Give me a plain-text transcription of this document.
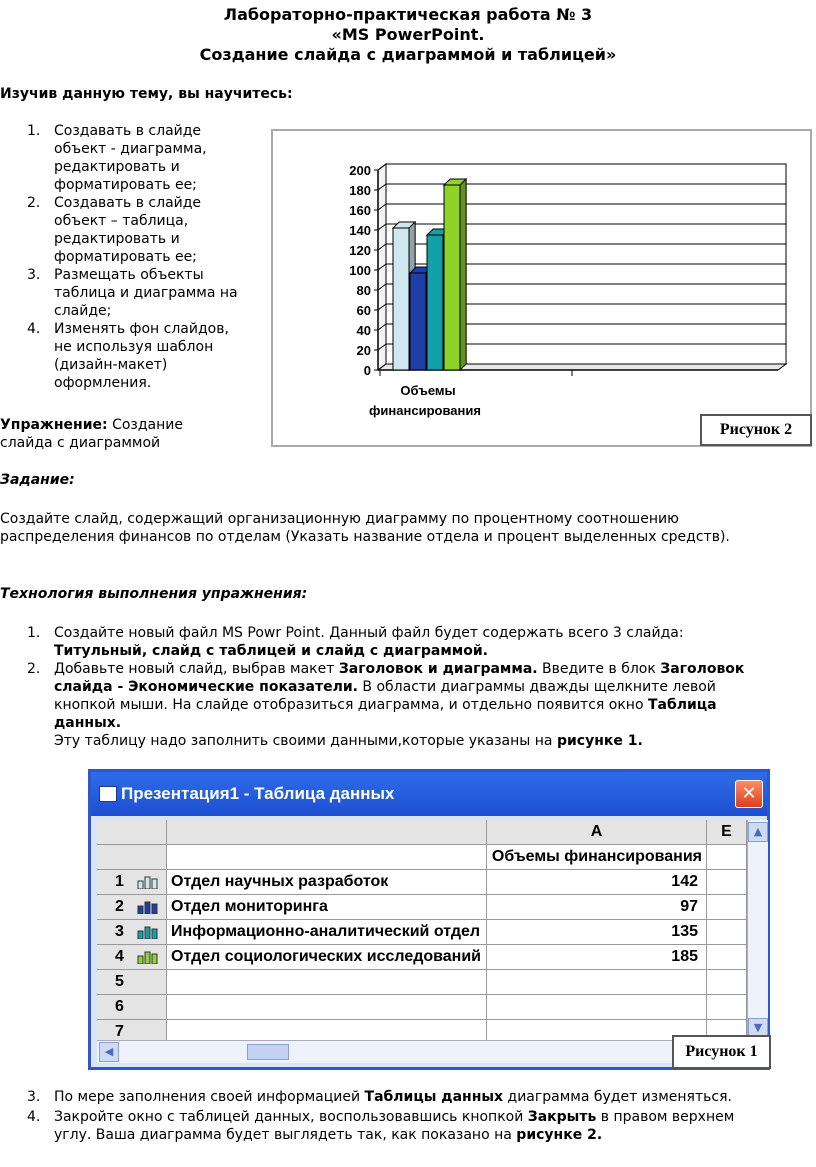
Лабораторно-практическая работа № 3
«MS PowerPoint.
Создание слайда с диаграммой и таблицей»
Изучив данную тему, вы научитесь:
1. Создавать в слайде
объект - диаграмма,
редактировать и
форматировать ее;
2. Создавать в слайде
объект – таблица,
редактировать и
форматировать ее;
3. Размещать объекты
таблица и диаграмма на
слайде;
4. Изменять фон слайдов,
не используя шаблон
(дизайн-макет)
оформления.
Упражнение: Создание
слайда с диаграммой
0
20
40
60
80
100
120
140
160
180
200
Объемы
финансирования
Рисунок 2
Задание:
Создайте слайд, содержащий организационную диаграмму по процентному соотношению
распределения финансов по отделам (Указать название отдела и процент выделенных средств).
Технология выполнения упражнения:
1. Создайте новый файл MS Powr Point. Данный файл будет содержать всего 3 слайда:
Титульный, слайд с таблицей и слайд с диаграммой.
2. Добавьте новый слайд, выбрав макет Заголовок и диаграмма. Введите в блок Заголовок
слайда - Экономические показатели. В области диаграммы дважды щелкните левой
кнопкой мыши. На слайде отобразиться диаграмма, и отдельно появится окно Таблица
данных.
Эту таблицу надо заполнить своими данными,которые указаны на рисунке 1.
Презентация1 - Таблица данных	✕
A	E
Объемы финансирования
1	Отдел научных разработок	142
2	Отдел мониторинга	97
3	Информационно-аналитический отдел	135
4	Отдел социологических исследований	185
5
6
7
▲
▼
◀	Рисунок 1
3. По мере заполнения своей информацией Таблицы данных диаграмма будет изменяться.
4. Закройте окно с таблицей данных, воспользовавшись кнопкой Закрыть в правом верхнем
углу. Ваша диаграмма будет выглядеть так, как показано на рисунке 2.
